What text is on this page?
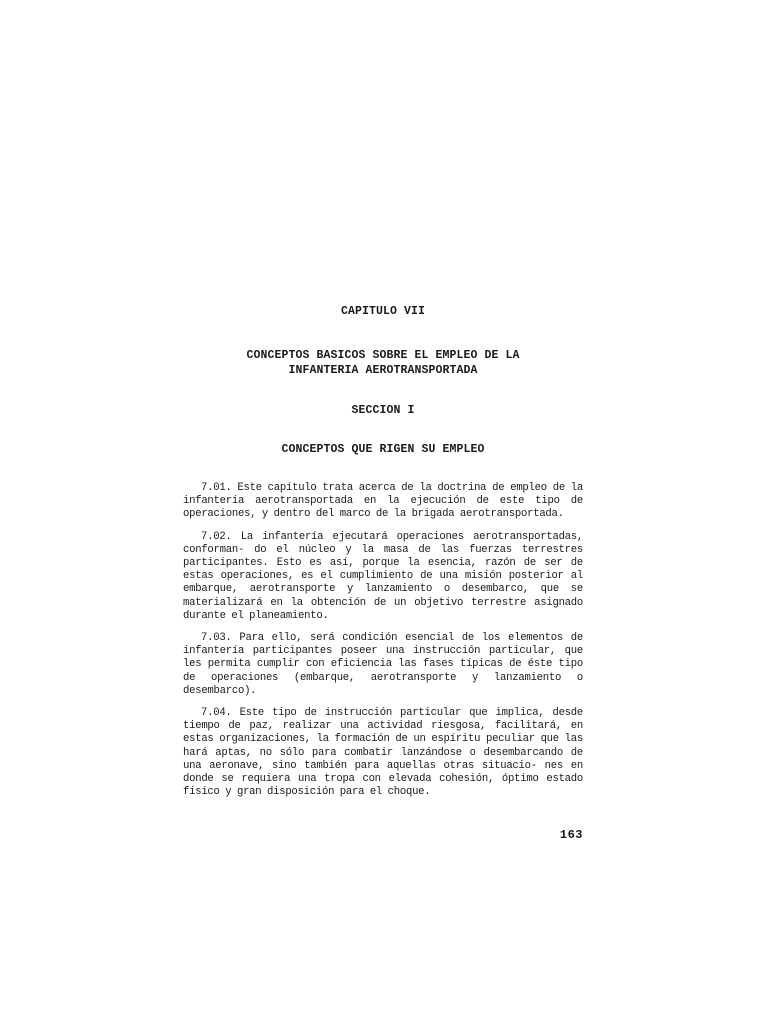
CAPITULO VII
CONCEPTOS BASICOS SOBRE EL EMPLEO DE LA
INFANTERIA AEROTRANSPORTADA
SECCION I
CONCEPTOS QUE RIGEN SU EMPLEO

7.01. Este capítulo trata acerca de la doctrina de empleo de la infantería aerotransportada en la ejecución de este tipo de operaciones, y dentro del marco de la brigada aerotransportada.

7.02. La infantería ejecutará operaciones aerotransportadas, conforman- do el núcleo y la masa de las fuerzas terrestres participantes. Esto es así, porque la esencia, razón de ser de estas operaciones, es el cumplimiento de una misión posterior al embarque, aerotransporte y lanzamiento o desembarco, que se materializará en la obtención de un objetivo terrestre asignado durante el planeamiento.

7.03. Para ello, será condición esencial de los elementos de infantería participantes poseer una instrucción particular, que les permita cumplir con eficiencia las fases típicas de éste tipo de operaciones (embarque, aerotransporte y lanzamiento o desembarco).

7.04. Este tipo de instrucción particular que implica, desde tiempo de paz, realizar una actividad riesgosa, facilitará, en estas organizaciones, la formación de un espíritu peculiar que las hará aptas, no sólo para combatir lanzándose o desembarcando de una aeronave, sino también para aquellas otras situacio- nes en donde se requiera una tropa con elevada cohesión, óptimo estado físico y gran disposición para el choque.

163
